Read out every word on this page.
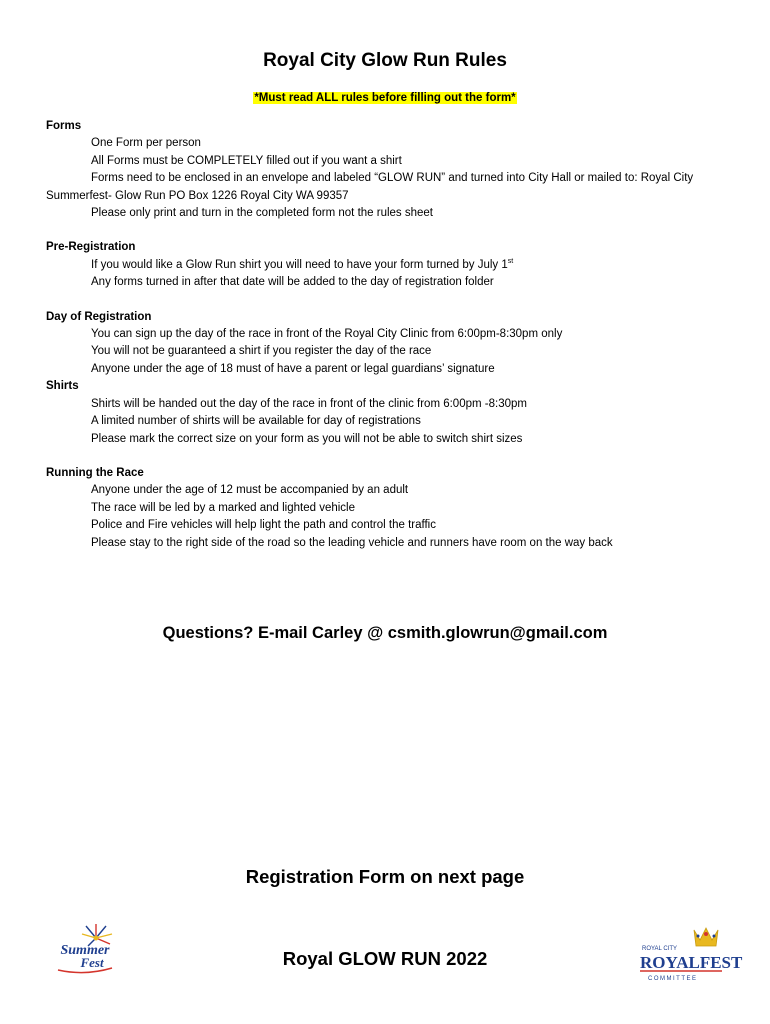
Royal City Glow Run Rules
*Must read ALL rules before filling out the form*
Forms
One Form per person
All Forms must be COMPLETELY filled out if you want a shirt
Forms need to be enclosed in an envelope and labeled “GLOW RUN” and turned into City Hall or mailed to: Royal City Summerfest- Glow Run PO Box 1226 Royal City WA 99357
Please only print and turn in the completed form not the rules sheet
Pre-Registration
If you would like a Glow Run shirt you will need to have your form turned by July 1st
Any forms turned in after that date will be added to the day of registration folder
Day of Registration
You can sign up the day of the race in front of the Royal City Clinic from 6:00pm-8:30pm only
You will not be guaranteed a shirt if you register the day of the race
Anyone under the age of 18 must of have a parent or legal guardians’ signature
Shirts
Shirts will be handed out the day of the race in front of the clinic from 6:00pm -8:30pm
A limited number of shirts will be available for day of registrations
Please mark the correct size on your form as you will not be able to switch shirt sizes
Running the Race
Anyone under the age of 12 must be accompanied by an adult
The race will be led by a marked and lighted vehicle
Police and Fire vehicles will help light the path and control the traffic
Please stay to the right side of the road so the leading vehicle and runners have room on the way back
Questions? E-mail Carley @ csmith.glowrun@gmail.com
Registration Form on next page
Royal GLOW RUN 2022
Summer
Fest
ROYAL CITY
ROYALFEST
COMMITTEE
